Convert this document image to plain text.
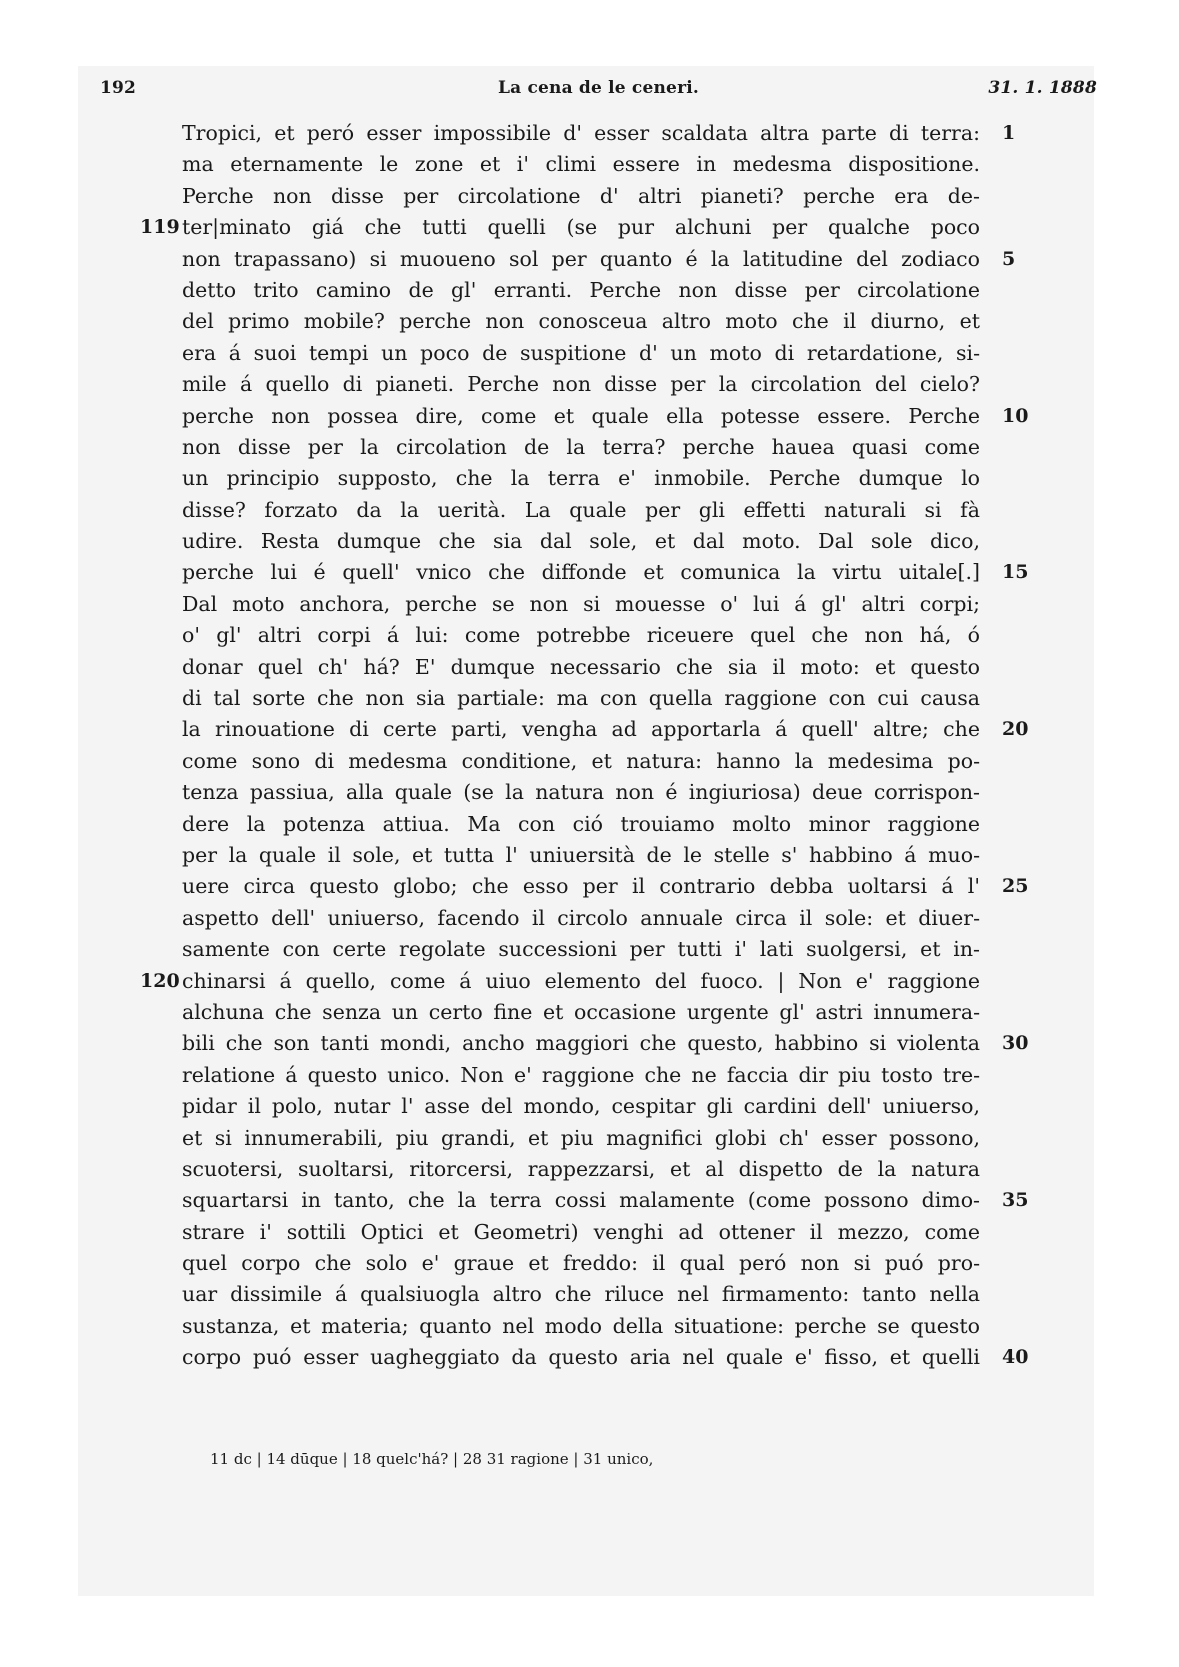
192	La cena de le ceneri.	31. 1. 1888
Tropici, et peró esser impossibile d' esser scaldata altra parte di terra: 1
ma eternamente le zone et i' climi essere in medesma dispositione.
Perche non disse per circolatione d' altri pianeti? perche era de-
ter|minato giá che tutti quelli (se pur alchuni per qualche poco
119
non trapassano) si muoueno sol per quanto é la latitudine del zodiaco 5
detto trito camino de gl' erranti. Perche non disse per circolatione
del primo mobile? perche non conosceua altro moto che il diurno, et
era á suoi tempi un poco de suspitione d' un moto di retardatione, si-
mile á quello di pianeti. Perche non disse per la circolation del cielo?
perche non possea dire, come et quale ella potesse essere. Perche 10
non disse per la circolation de la terra? perche hauea quasi come
un principio supposto, che la terra e' inmobile. Perche dumque lo
disse? forzato da la uerità. La quale per gli effetti naturali si fà
udire. Resta dumque che sia dal sole, et dal moto. Dal sole dico,
perche lui é quell' vnico che diffonde et comunica la virtu uitale[.] 15
Dal moto anchora, perche se non si mouesse o' lui á gl' altri corpi;
o' gl' altri corpi á lui: come potrebbe riceuere quel che non há, ó
donar quel ch' há? E' dumque necessario che sia il moto: et questo
di tal sorte che non sia partiale: ma con quella raggione con cui causa
la rinouatione di certe parti, vengha ad apportarla á quell' altre; che 20
come sono di medesma conditione, et natura: hanno la medesima po-
tenza passiua, alla quale (se la natura non é ingiuriosa) deue corrispon-
dere la potenza attiua. Ma con ció trouiamo molto minor raggione
per la quale il sole, et tutta l' uniuersità de le stelle s' habbino á muo-
uere circa questo globo; che esso per il contrario debba uoltarsi á l' 25
aspetto dell' uniuerso, facendo il circolo annuale circa il sole: et diuer-
samente con certe regolate successioni per tutti i' lati suolgersi, et in-
chinarsi á quello, come á uiuo elemento del fuoco. | Non e' raggione
120
alchuna che senza un certo fine et occasione urgente gl' astri innumera-
bili che son tanti mondi, ancho maggiori che questo, habbino si violenta 30
relatione á questo unico. Non e' raggione che ne faccia dir piu tosto tre-
pidar il polo, nutar l' asse del mondo, cespitar gli cardini dell' uniuerso,
et si innumerabili, piu grandi, et piu magnifici globi ch' esser possono,
scuotersi, suoltarsi, ritorcersi, rappezzarsi, et al dispetto de la natura
squartarsi in tanto, che la terra cossi malamente (come possono dimo- 35
strare i' sottili Optici et Geometri) venghi ad ottener il mezzo, come
quel corpo che solo e' graue et freddo: il qual peró non si puó pro-
uar dissimile á qualsiuogla altro che riluce nel firmamento: tanto nella
sustanza, et materia; quanto nel modo della situatione: perche se questo
corpo puó esser uagheggiato da questo aria nel quale e' fisso, et quelli 40
11 dc | 14 dūque | 18 quelc'há? | 28 31 ragione | 31 unico,
